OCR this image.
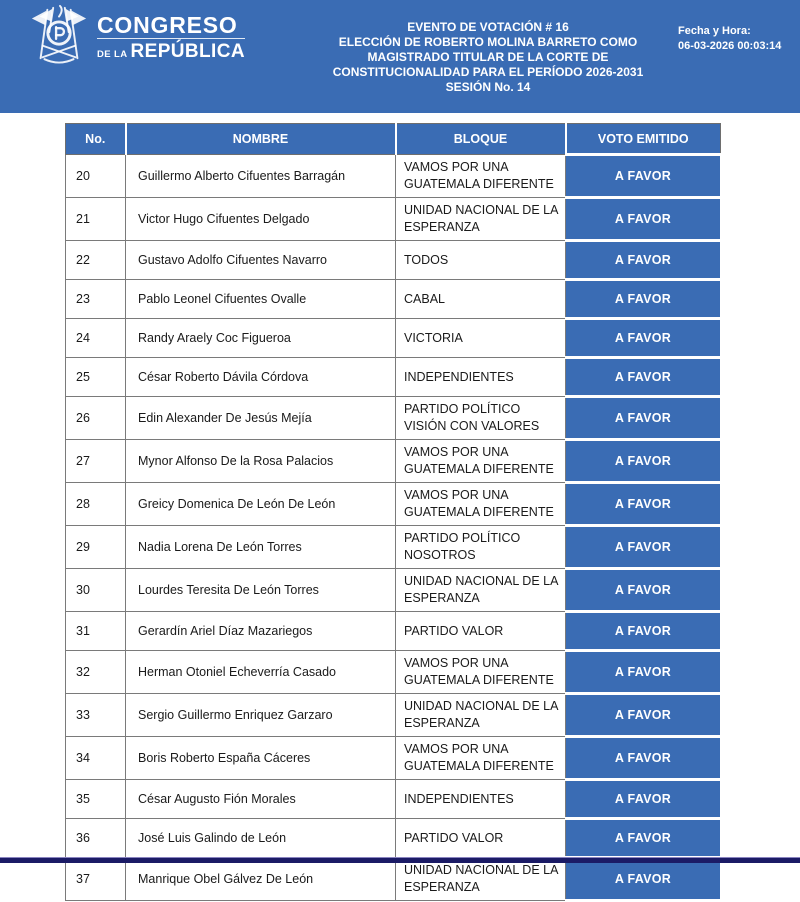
CONGRESO
DE LA REPÚBLICA
EVENTO DE VOTACIÓN # 16
ELECCIÓN DE ROBERTO MOLINA BARRETO COMO
MAGISTRADO TITULAR DE LA CORTE DE
CONSTITUCIONALIDAD PARA EL PERÍODO 2026-2031
SESIÓN No. 14
Fecha y Hora:
06-03-2026 00:03:14
No.	NOMBRE	BLOQUE	VOTO EMITIDO
20	Guillermo Alberto Cifuentes Barragán	VAMOS POR UNA GUATEMALA DIFERENTE	A FAVOR
21	Victor Hugo Cifuentes Delgado	UNIDAD NACIONAL DE LA ESPERANZA	A FAVOR
22	Gustavo Adolfo Cifuentes Navarro	TODOS	A FAVOR
23	Pablo Leonel Cifuentes Ovalle	CABAL	A FAVOR
24	Randy Araely Coc Figueroa	VICTORIA	A FAVOR
25	César Roberto Dávila Córdova	INDEPENDIENTES	A FAVOR
26	Edin Alexander De Jesús Mejía	PARTIDO POLÍTICO VISIÓN CON VALORES	A FAVOR
27	Mynor Alfonso De la Rosa Palacios	VAMOS POR UNA GUATEMALA DIFERENTE	A FAVOR
28	Greicy Domenica De León De León	VAMOS POR UNA GUATEMALA DIFERENTE	A FAVOR
29	Nadia Lorena De León Torres	PARTIDO POLÍTICO NOSOTROS	A FAVOR
30	Lourdes Teresita De León Torres	UNIDAD NACIONAL DE LA ESPERANZA	A FAVOR
31	Gerardín Ariel Díaz Mazariegos	PARTIDO VALOR	A FAVOR
32	Herman Otoniel Echeverría Casado	VAMOS POR UNA GUATEMALA DIFERENTE	A FAVOR
33	Sergio Guillermo Enriquez Garzaro	UNIDAD NACIONAL DE LA ESPERANZA	A FAVOR
34	Boris Roberto España Cáceres	VAMOS POR UNA GUATEMALA DIFERENTE	A FAVOR
35	César Augusto Fión Morales	INDEPENDIENTES	A FAVOR
36	José Luis Galindo de León	PARTIDO VALOR	A FAVOR
37	Manrique Obel Gálvez De León	UNIDAD NACIONAL DE LA ESPERANZA	A FAVOR
